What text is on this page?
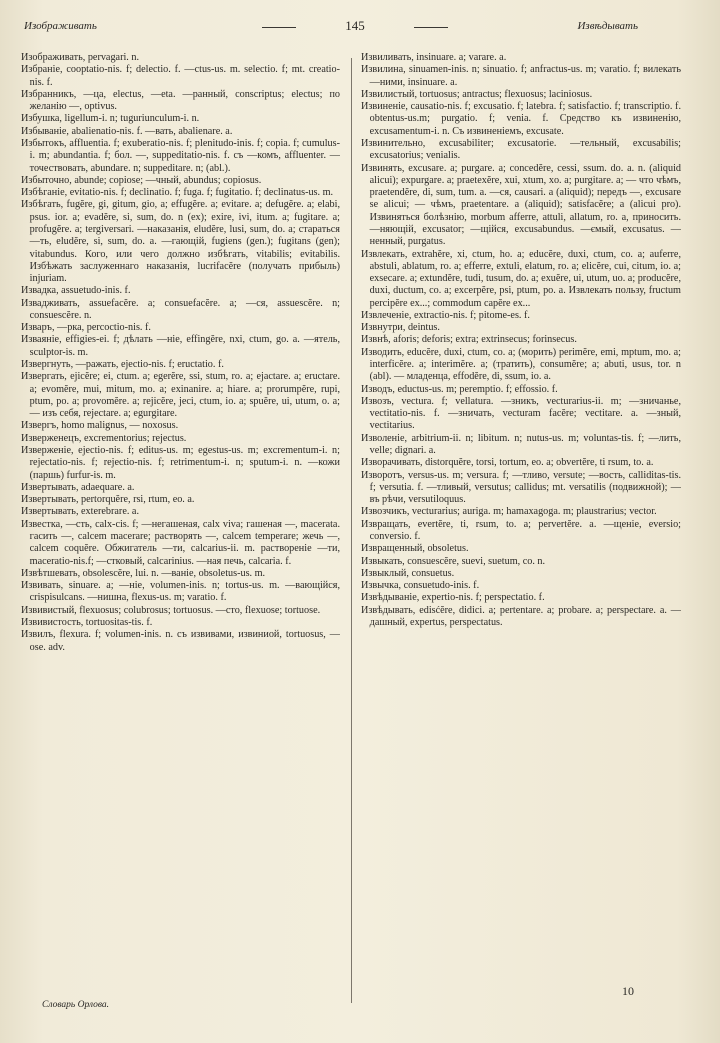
Изображивать	145	Извѣдывать

Изображивать, pervagari. n.

Избраніе, cooptatio-nis. f; delectio. f. —ctus-us. m. selectio. f; mt. creatio-nis. f.

Избранникъ, —ца, electus, —eta. —ранный, conscriptus; electus; по желанію —, optivus.

Избушка, ligellum-i. n; tuguriunculum-i. n.

Избываніе, abalienatio-nis. f. —вать, abalienare. a.

Избытокъ, affluentia. f; exuberatio-nis. f; plenitudo-inis. f; copia. f; cumulus-i. m; abundantia. f; бол. —, suppeditatio-nis. f. съ —комъ, affluenter. —точествовать, abundare. n; suppeditare. n; (abl.).

Избыточно, abunde; copiose; —чный, abundus; copiosus.

Избѣганіе, evitatio-nis. f; declinatio. f; fuga. f; fugitatio. f; declinatus-us. m.

Избѣгать, fugĕre, gi, gitum, gio, a; effugĕre. a; evitare. a; defugĕre. a; elabi, psus. ior. a; evadĕre, si, sum, do. n (ex); exire, ivi, itum. a; fugitare. a; profugĕre. a; tergiversari. —наказанія, eludĕre, lusi, sum, do. a; стараться —ть, eludĕre, si, sum, do. a. —гающій, fugiens (gen.); fugitans (gen); vitabundus. Кого, или чего должно избѣгать, vitabilis; evitabilis. Избѣжать заслуженнаго наказанія, lucrifacĕre (получать прибыль) injuriam.

Извадка, assuetudo-inis. f.

Извадживать, assuefacĕre. a; consuefacĕre. a; —ся, assuescĕre. n; consuescĕre. n.

Изваръ, —рка, percoctio-nis. f.

Изваяніе, effigies-ei. f; дѣлать —ніе, effingĕre, nxi, ctum, go. a. —ятель, sculptor-is. m.

Извергнуть, —ражать, ejectio-nis. f; eructatio. f.

Извергать, ejicĕre; ei, ctum. a; egerĕre, ssi, stum, ro. a; ejactare. a; eructare. a; evomĕre, mui, mitum, mo. a; exinanire. a; hiare. a; prorumpĕre, rupi, ptum, po. a; provomĕre. a; rejicĕre, jeci, ctum, io. a; spuĕre, ui, utum, o. a; — изъ себя, rejectare. a; egurgitare.

Извергъ, homo malignus, — noxosus.

Изверженецъ, excrementorius; rejectus.

Изверженіе, ejectio-nis. f; editus-us. m; egestus-us. m; excrementum-i. n; rejectatio-nis. f; rejectio-nis. f; retrimentum-i. n; sputum-i. n. —кожи (паршь) furfur-is. m.

Извертывать, adaequare. a.

Извертывать, pertorquĕre, rsi, rtum, eo. a.

Извертывать, exterebrare. a.

Известка, —сть, calx-cis. f; —негашеная, calx viva; гашеная —, macerata. гасить —, calcem macerare; растворять —, calcem temperare; жечь —, calcem coquĕre. Обжигатель —ти, calcarius-ii. m. раствореніе —ти, maceratio-nis.f; —стковый, calcarinius. —ная печь, calcaria. f.

Извѣтшевать, obsolescĕre, lui. n. —ваніе, obsoletus-us. m.

Извивать, sinuare. a; —ніе, volumen-inis. n; tortus-us. m. —вающійся, crispisulcans. —нишна, flexus-us. m; varatio. f.

Извивистый, flexuosus; colubrosus; tortuosus. —сто, flexuose; tortuose.

Извивистость, tortuositas-tis. f.

Извилъ, flexura. f; volumen-inis. n. съ извивами, извиниой, tortuosus, —ose. adv.

Извиливать, insinuare. a; varare. a.

Извилина, sinuamen-inis. n; sinuatio. f; anfractus-us. m; varatio. f; вилекать —ними, insinuare. a.

Извилистый, tortuosus; antractus; flexuosus; laciniosus.

Извиненіе, causatio-nis. f; excusatio. f; latebra. f; satisfactio. f; transcriptio. f. obtentus-us.m; purgatio. f; venia. f. Средство къ извиненію, excusamentum-i. n. Съ извиненіемъ, excusate.

Извинительно, excusabiliter; excusatorie. —тельный, excusabilis; excusatorius; venialis.

Извинять, excusare. a; purgare. a; concedĕre, cessi, ssum. do. a. n. (aliquid alicui); expurgare. a; praetexĕre, xui, xtum, xo. a; purgitare. a; — что чѣмъ, praetendĕre, di, sum, tum. a. —ся, causari. a (aliquid); передъ —, excusare se alicui; — чѣмъ, praetentare. a (aliquid); satisfacĕre; a (alicui pro). Извиняться болѣзнію, morbum afferre, attuli, allatum, ro. a, приносить. —няющій, excusator; —щійся, excusabundus. —ємый, excusatus. —ненный, purgatus.

Извлекать, extrahĕre, xi, ctum, ho. a; educĕre, duxi, ctum, co. a; auferre, abstuli, ablatum, ro. a; efferre, extuli, elatum, ro. a; elicĕre, cui, citum, io. a; exsecare. a; extundĕre, tudi, tusum, do. a; exuĕre, ui, utum, uo. a; producĕre, duxi, ductum, co. a; excerpĕre, psi, ptum, po. a. Извлекать пользу, fructum percipĕre ex...; commodum capĕre ex...

Извлеченіе, extractio-nis. f; pitome-es. f.

Извнутри, deintus.

Извнѣ, aforis; deforis; extra; extrinsecus; forinsecus.

Изводить, educĕre, duxi, ctum, co. a; (морить) perimĕre, emi, mptum, mo. a; interficĕre. a; interimĕre. a; (тратить), consumĕre; a; abuti, usus, tor. n (abl). — младенца, effodĕre, di, ssum, io. a.

Изводъ, eductus-us. m; peremptio. f; effossio. f.

Извозъ, vectura. f; vellatura. —зникъ, vecturarius-ii. m; —зничанье, vectitatio-nis. f. —зничать, vecturam facĕre; vectitare. a. —зный, vectitarius.

Изволеніе, arbitrium-ii. n; libitum. n; nutus-us. m; voluntas-tis. f; —лить, velle; dignari. a.

Изворачивать, distorquĕre, torsi, tortum, eo. a; obvertĕre, ti rsum, to. a.

Изворотъ, versus-us. m; versura. f; —тливо, versute; —вость, calliditas-tis. f; versutia. f. —тливый, versutus; callidus; mt. versatilis (подвижной); — въ рѣчи, versutiloquus.

Извозчикъ, vecturarius; auriga. m; hamaxagoga. m; plaustrarius; vector.

Извращать, evertĕre, ti, rsum, to. a; pervertĕre. a. —щеніе, eversio; conversio. f.

Извращенный, obsoletus.

Извыкать, consuescĕre, suevi, suetum, co. n.

Извыклый, consuetus.

Извычка, consuetudo-inis. f.

Извѣдываніе, expertio-nis. f; perspectatio. f.

Извѣдывать, edisćĕre, didici. a; pertentare. a; probare. a; perspectare. a. —дашный, expertus, perspectatus.

Словарь Орлова.
10
